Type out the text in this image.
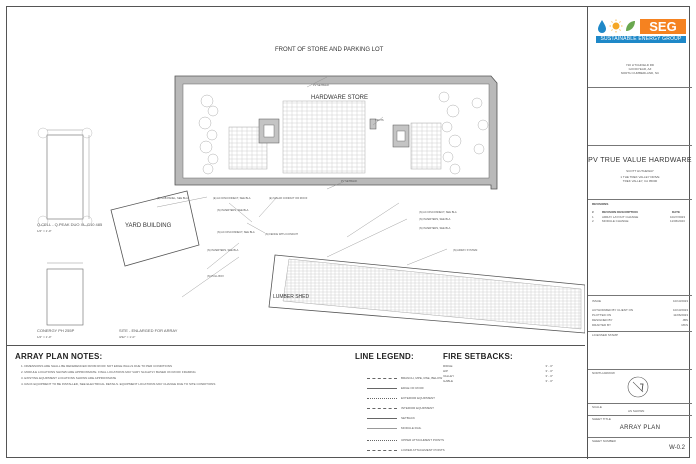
PV SETBACK
PV SETBACK
VENTS
(E) SUB PANEL, SEE BLA	(E) AC DISCONNECT, SEE BLA	(E) SOLAR CONDUIT OR ROOF
(N) INVERTERS, SEE BLA
(N) FENCE WITH CONDUIT
(N) INVERTERS, SEE BLA
(N) AC DISCONNECT, SEE BLA
(N) PULL BOX
(N) AC DISCONNECT, SEE BLA
(N) INVERTERS, SEE BLA
(N) INVERTERS, SEE BLA
(N) ARRAY SYSTEM
FRONT OF STORE AND PARKING LOT
HARDWARE STORE
YARD BUILDING
LUMBER SHED
Q.CELL - Q.PEAK DUO XL-G10 485
1/2" = 1'-0"
CONERGY PH 255P
1/2" = 1'-0"
SITE - ENLARGED FOR ARRAY
3/32" = 1'-0"
ARRAY PLAN NOTES:
1. DIMENSIONS ARE SHALL BE REFERENCED FROM ROOF NOT EDGE WALLS DUE TO PER CONDITIONS
2. MODULE LOCATIONS SHOWN ARE APPROXIMATE. FINAL LOCATIONS MAY VARY SLIGHTLY BASED ON ROOF FRAMING
3. EXISTING EQUIPMENT LOCATIONS SHOWN ARE APPROXIMATE
4. RACK EQUIPMENT TO BE INSTALLED, SEE ELECTRICAL DETAILS. EQUIPMENT LOCATIONS MAY CHANGE DUE TO SITE CONDITIONS
LINE LEGEND:
BRANCH, MPE, RSE, BELOW
EDGE OF ROOF
EXTERIOR EQUIPMENT
INTERIOR EQUIPMENT
SETBACK
MODULE RAIL
UPPER ATTACHMENT POINTS
LOWER ATTACHMENT POINTS
FIRE SETBACKS:
RIDGE	3' - 0"
HIP	3' - 0"
VALLEY	3' - 0"
GABLE	3' - 0"
SEG
SUSTAINABLE ENERGY GROUP
720 LITCHFIELD RD
GOODYEAR, AZ
NORTH CUMBERLAND, NC
PV TRUE VALUE HARDWARE
SCOTT HUTHEWAY
1 THE TREK VALLEY DRIVE
TREK VALLEY, CA 95000
REVISIONS
#	REVISION DESCRIPTION	DATE
1	ARRAY LAYOUT CHANGE	10/27/2023
2	MODULE CHANGE	11/06/2023
ISSUE	10/13/2023
AUTHORIZED BY CLIENT ON	10/13/2023
PLOTTED ON	11/06/2023
DESIGNED BY	JBS
DRAFTED BY	MKS
LICENSED STAMP
NORTH ARROW
SCALE
AS SHOWN
SHEET TITLE
ARRAY PLAN
SHEET NUMBER
W-0.2
